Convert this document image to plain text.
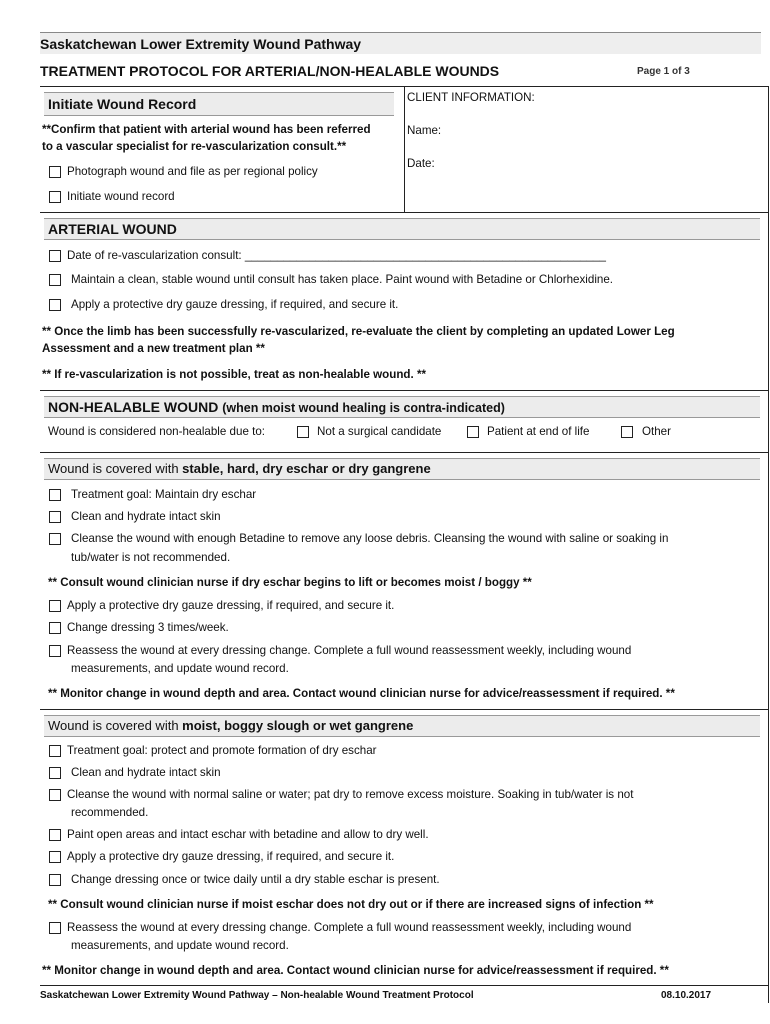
Saskatchewan Lower Extremity Wound Pathway
TREATMENT PROTOCOL FOR ARTERIAL/NON-HEALABLE WOUNDS	Page 1 of 3
Initiate Wound Record
**Confirm that patient with arterial wound has been referred
to a vascular specialist for re-vascularization consult.**
Photograph wound and file as per regional policy
Initiate wound record
CLIENT INFORMATION:
Name:
Date:
ARTERIAL WOUND
Date of re-vascularization consult: ________________________________________________________
Maintain a clean, stable wound until consult has taken place. Paint wound with Betadine or Chlorhexidine.
Apply a protective dry gauze dressing, if required, and secure it.
** Once the limb has been successfully re-vascularized, re-evaluate the client by completing an updated Lower Leg
Assessment and a new treatment plan **
** If re-vascularization is not possible, treat as non-healable wound. **
NON-HEALABLE WOUND (when moist wound healing is contra-indicated)
Wound is considered non-healable due to:	Not a surgical candidate	Patient at end of life	Other
Wound is covered with stable, hard, dry eschar or dry gangrene
Treatment goal: Maintain dry eschar
Clean and hydrate intact skin
Cleanse the wound with enough Betadine to remove any loose debris. Cleansing the wound with saline or soaking in
tub/water is not recommended.
** Consult wound clinician nurse if dry eschar begins to lift or becomes moist / boggy **
Apply a protective dry gauze dressing, if required, and secure it.
Change dressing 3 times/week.
Reassess the wound at every dressing change. Complete a full wound reassessment weekly, including wound
measurements, and update wound record.
** Monitor change in wound depth and area. Contact wound clinician nurse for advice/reassessment if required. **
Wound is covered with moist, boggy slough or wet gangrene
Treatment goal: protect and promote formation of dry eschar
Clean and hydrate intact skin
Cleanse the wound with normal saline or water; pat dry to remove excess moisture. Soaking in tub/water is not
recommended.
Paint open areas and intact eschar with betadine and allow to dry well.
Apply a protective dry gauze dressing, if required, and secure it.
Change dressing once or twice daily until a dry stable eschar is present.
** Consult wound clinician nurse if moist eschar does not dry out or if there are increased signs of infection **
Reassess the wound at every dressing change. Complete a full wound reassessment weekly, including wound
measurements, and update wound record.
** Monitor change in wound depth and area. Contact wound clinician nurse for advice/reassessment if required. **
Saskatchewan Lower Extremity Wound Pathway – Non-healable Wound Treatment Protocol	08.10.2017
